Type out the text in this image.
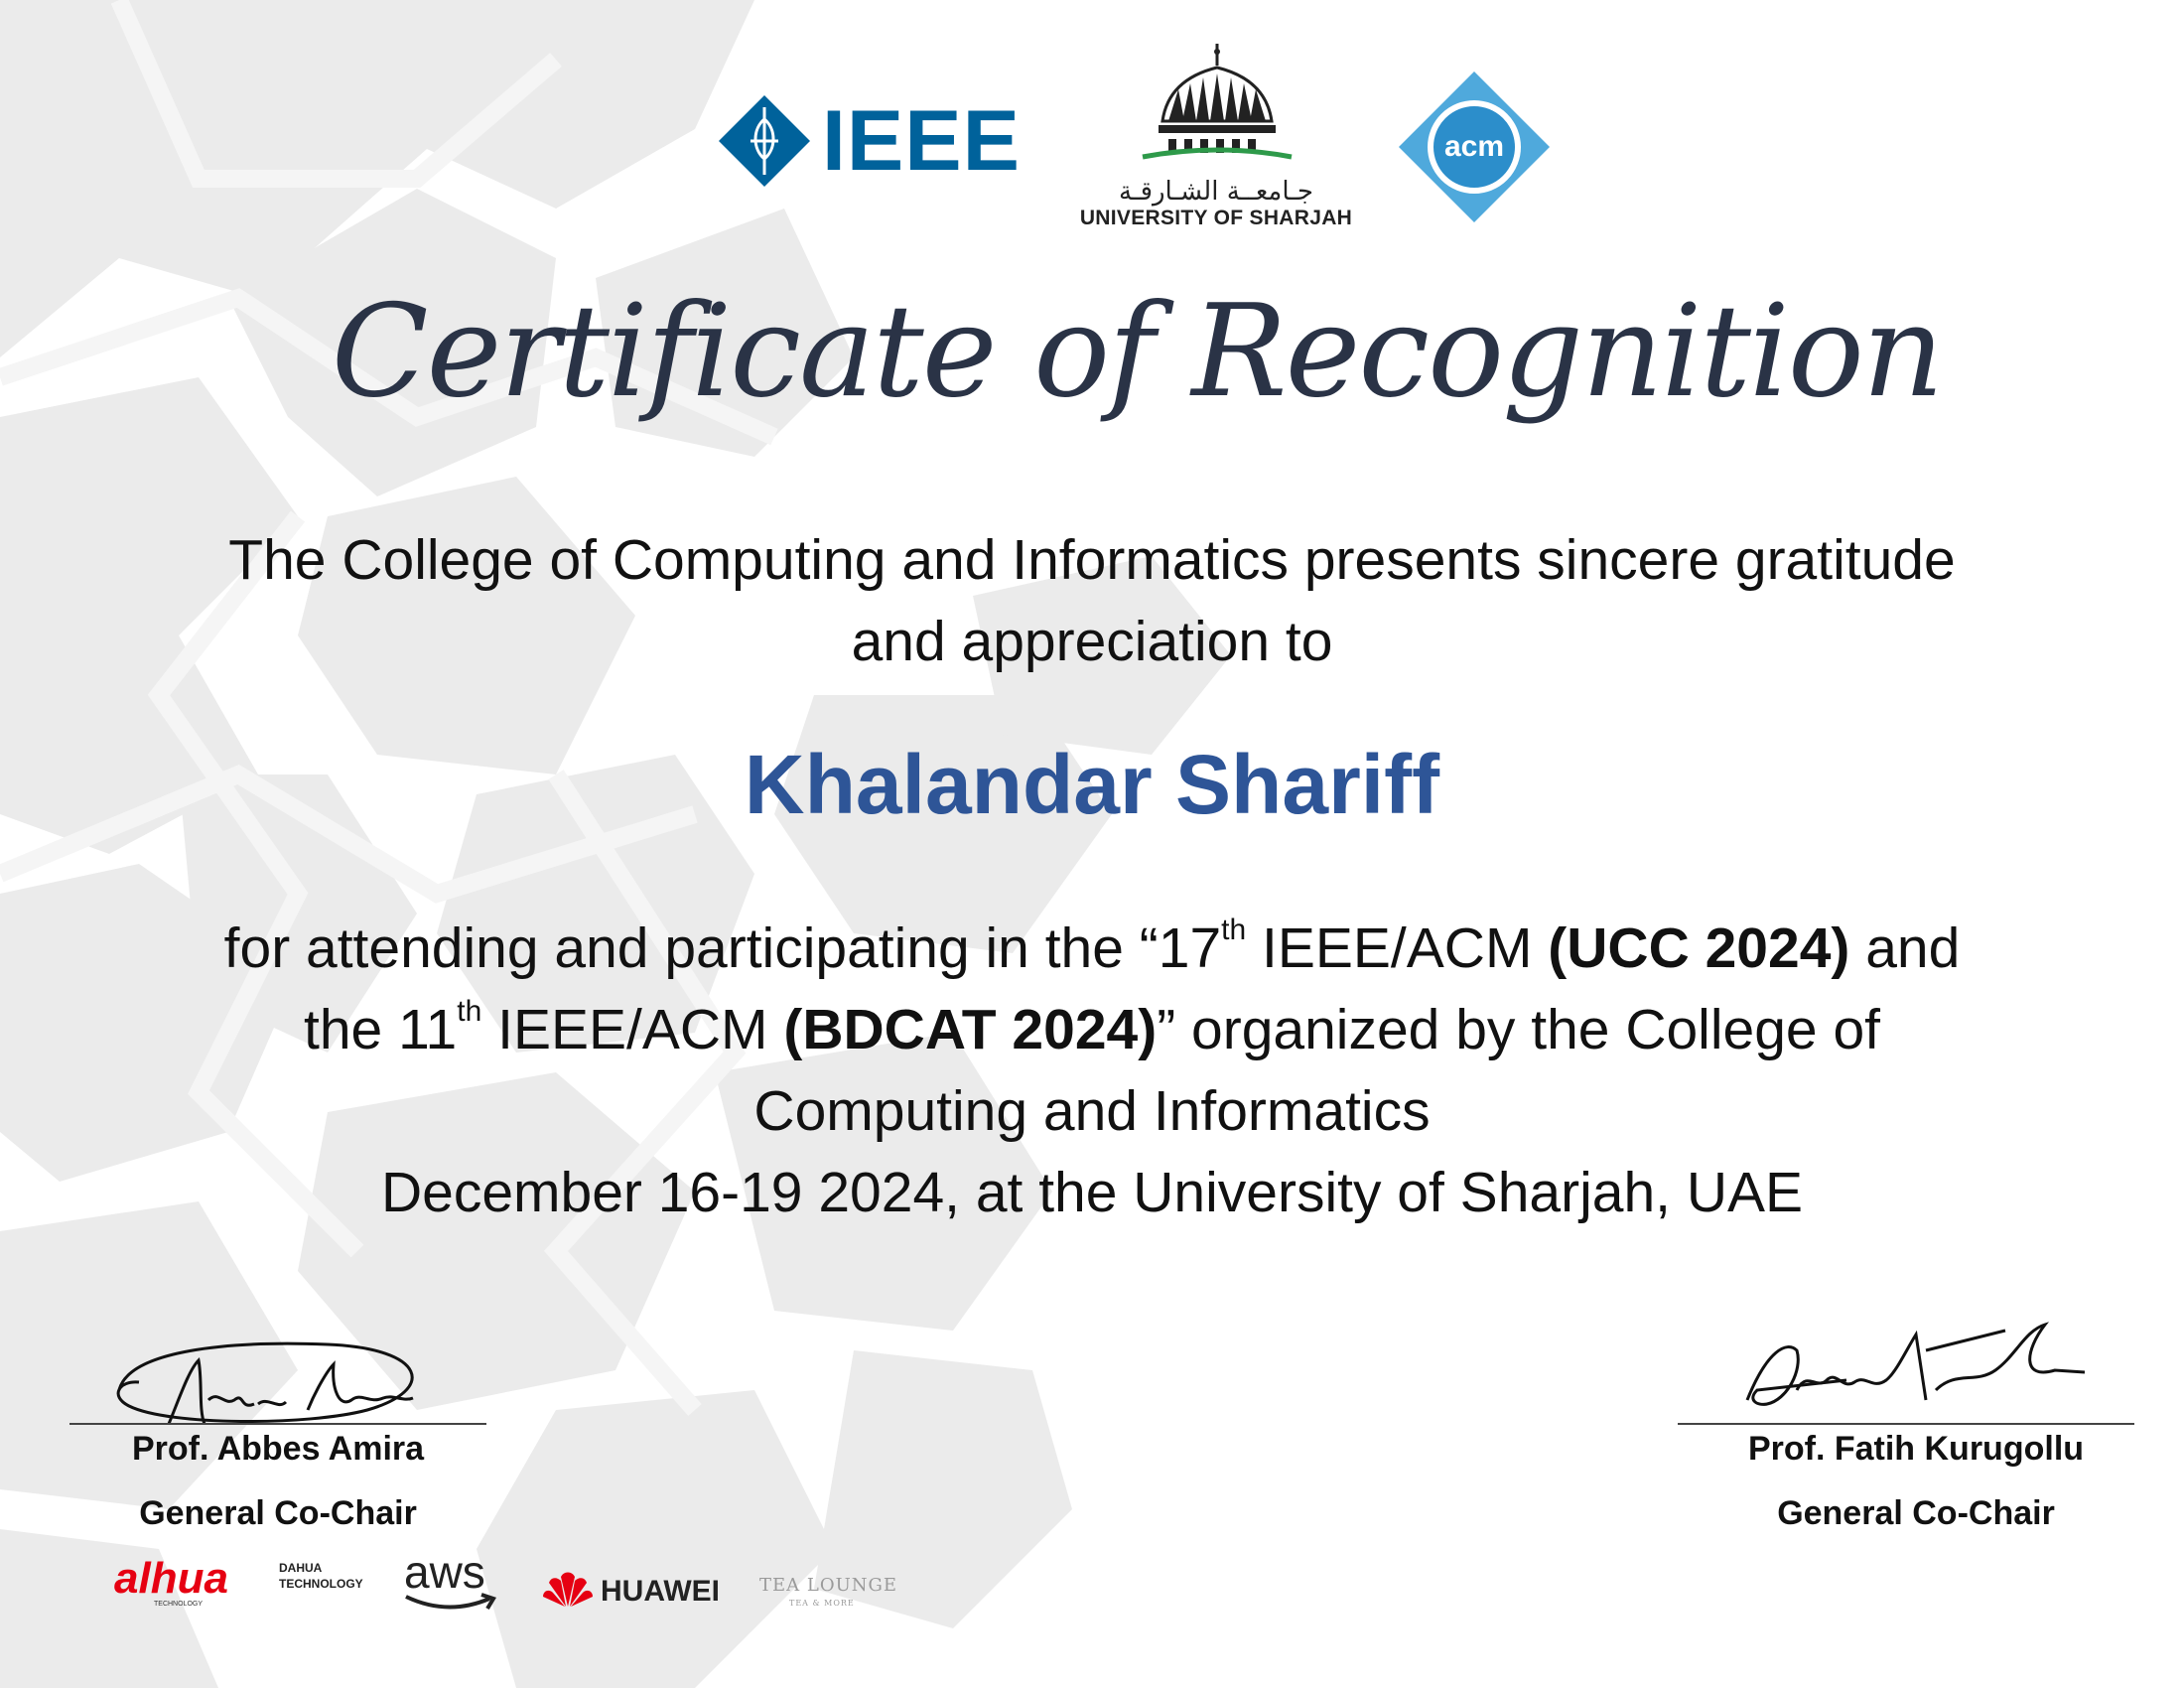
IEEE
جـامعــة الشـارقـة
UNIVERSITY OF SHARJAH
acm
Certificate of Recognition
The College of Computing and Informatics presents sincere gratitude
and appreciation to
Khalandar Shariff
for attending and participating in the “17th IEEE/ACM (UCC 2024) and
the 11th IEEE/ACM (BDCAT 2024)” organized by the College of
Computing and Informatics
December 16-19 2024, at the University of Sharjah, UAE
Prof. Abbes Amira
General Co-Chair
Prof. Fatih Kurugollu
General Co-Chair
alhua
TECHNOLOGY
DAHUA
TECHNOLOGY aws	HUAWEI TEA LOUNGE
TEA & MORE
